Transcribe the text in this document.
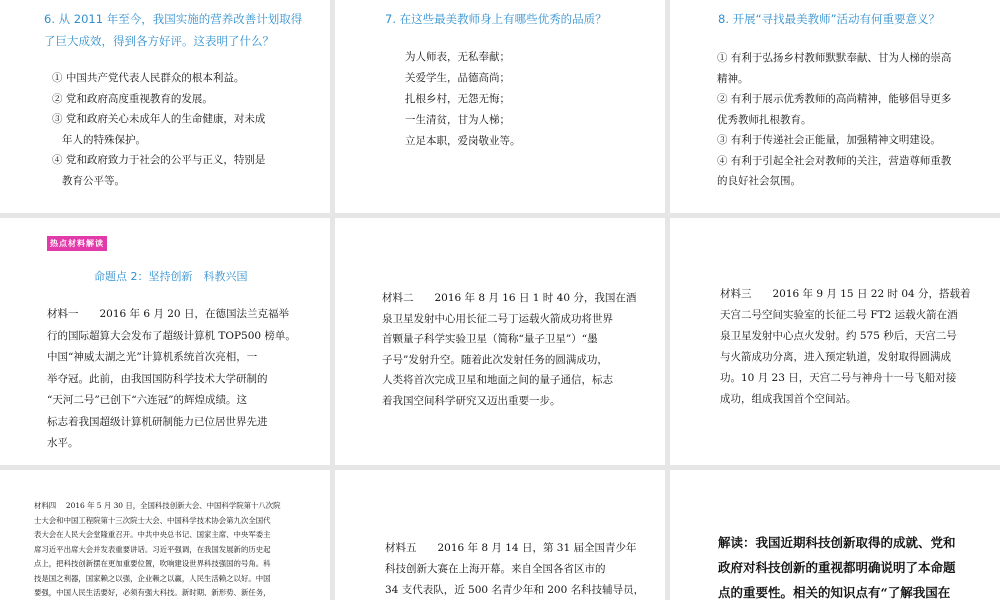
6. 从 2011 年至今，我国实施的营养改善计划取得了巨大成效，得到各方好评。这表明了什么？

① 中国共产党代表人民群众的根本利益。

② 党和政府高度重视教育的发展。

③ 党和政府关心未成年人的生命健康，对未成

年人的特殊保护。

④ 党和政府致力于社会的公平与正义，特别是

教育公平等。

7. 在这些最美教师身上有哪些优秀的品质？

为人师表，无私奉献；

关爱学生，品德高尚；

扎根乡村，无怨无悔；

一生清贫，甘为人梯；

立足本职，爱岗敬业等。

8. 开展“寻找最美教师”活动有何重要意义？

① 有利于弘扬乡村教师默默奉献、甘为人梯的崇高

精神。

② 有利于展示优秀教师的高尚精神，能够倡导更多

优秀教师扎根教育。

③ 有利于传递社会正能量，加强精神文明建设。

④ 有利于引起全社会对教师的关注，营造尊师重教

的良好社会氛围。

热点材料解读
命题点 2：坚持创新　科教兴国

材料一　　2016 年 6 月 20 日，在德国法兰克福举

行的国际超算大会发布了超级计算机 TOP500 榜单。

中国“神威太湖之光”计算机系统首次亮相，一

举夺冠。此前，由我国国防科学技术大学研制的

“天河二号”已创下“六连冠”的辉煌成绩。这

标志着我国超级计算机研制能力已位居世界先进

水平。

材料二　　2016 年 8 月 16 日 1 时 40 分，我国在酒

泉卫星发射中心用长征二号丁运载火箭成功将世界

首颗量子科学实验卫星（简称“量子卫星”）“墨

子号”发射升空。随着此次发射任务的圆满成功，

人类将首次完成卫星和地面之间的量子通信，标志

着我国空间科学研究又迈出重要一步。

材料三　　2016 年 9 月 15 日 22 时 04 分，搭载着

天宫二号空间实验室的长征二号 FT2 运载火箭在酒

泉卫星发射中心点火发射。约 575 秒后，天宫二号

与火箭成功分离，进入预定轨道，发射取得圆满成

功。10 月 23 日，天宫二号与神舟十一号飞船对接

成功，组成我国首个空间站。

材料四　 2016 年 5 月 30 日，全国科技创新大会、中国科学院第十八次院

士大会和中国工程院第十三次院士大会、中国科学技术协会第九次全国代

表大会在人民大会堂隆重召开。中共中央总书记、国家主席、中央军委主

席习近平出席大会并发表重要讲话。习近平强调，在我国发展新的历史起

点上，把科技创新摆在更加重要位置，吹响建设世界科技强国的号角。科

技是国之利器，国家赖之以强，企业赖之以赢，人民生活赖之以好。中国

要强，中国人民生活要好，必须有强大科技。新时期、新形势、新任务，

材料五　　2016 年 8 月 14 日，第 31 届全国青少年

科技创新大赛在上海开幕。来自全国各省区市的

34 支代表队，近 500 名青少年和 200 名科技辅导员，

解读：我国近期科技创新取得的成就、党和

政府对科技创新的重视都明确说明了本命题

点的重要性。相关的知识点有“了解我国在
